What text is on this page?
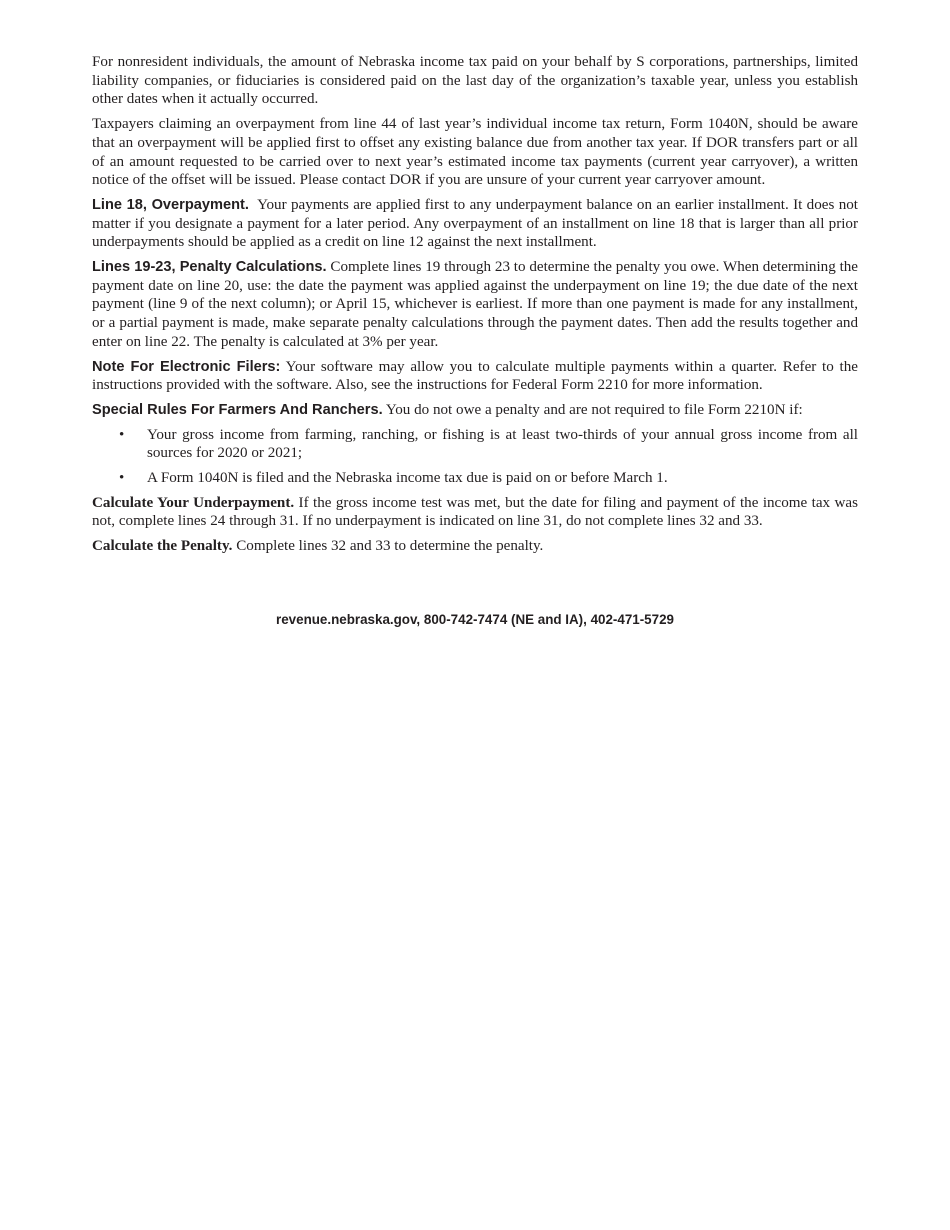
For nonresident individuals, the amount of Nebraska income tax paid on your behalf by S corporations, partnerships, limited liability companies, or fiduciaries is considered paid on the last day of the organization’s taxable year, unless you establish other dates when it actually occurred.

Taxpayers claiming an overpayment from line 44 of last year’s individual income tax return, Form 1040N, should be aware that an overpayment will be applied first to offset any existing balance due from another tax year. If DOR transfers part or all of an amount requested to be carried over to next year’s estimated income tax payments (current year carryover), a written notice of the offset will be issued. Please contact DOR if you are unsure of your current year carryover amount.

Line 18, Overpayment. Your payments are applied first to any underpayment balance on an earlier installment. It does not matter if you designate a payment for a later period. Any overpayment of an installment on line 18 that is larger than all prior underpayments should be applied as a credit on line 12 against the next installment.

Lines 19-23, Penalty Calculations. Complete lines 19 through 23 to determine the penalty you owe. When determining the payment date on line 20, use: the date the payment was applied against the underpayment on line 19; the due date of the next payment (line 9 of the next column); or April 15, whichever is earliest. If more than one payment is made for any installment, or a partial payment is made, make separate penalty calculations through the payment dates. Then add the results together and enter on line 22. The penalty is calculated at 3% per year.

Note For Electronic Filers: Your software may allow you to calculate multiple payments within a quarter. Refer to the instructions provided with the software. Also, see the instructions for Federal Form 2210 for more information.

Special Rules For Farmers And Ranchers. You do not owe a penalty and are not required to file Form 2210N if:

• Your gross income from farming, ranching, or fishing is at least two-thirds of your annual gross income from all sources for 2020 or 2021;
• A Form 1040N is filed and the Nebraska income tax due is paid on or before March 1.

Calculate Your Underpayment. If the gross income test was met, but the date for filing and payment of the income tax was not, complete lines 24 through 31. If no underpayment is indicated on line 31, do not complete lines 32 and 33.

Calculate the Penalty. Complete lines 32 and 33 to determine the penalty.

revenue.nebraska.gov, 800-742-7474 (NE and IA), 402-471-5729
